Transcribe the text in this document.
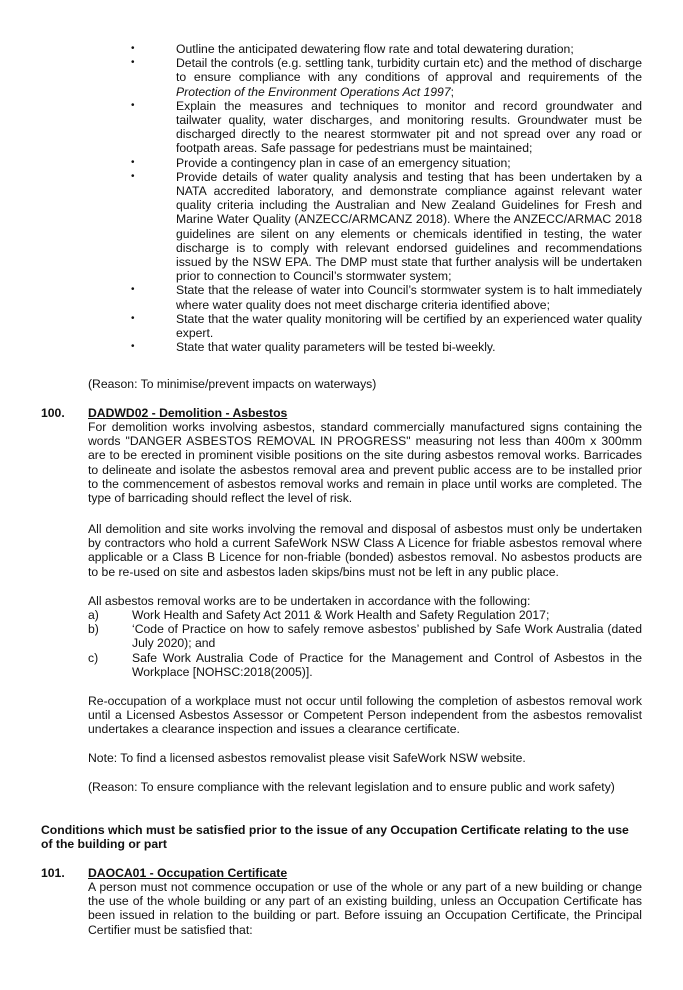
•	Outline the anticipated dewatering flow rate and total dewatering duration;
•	Detail the controls (e.g. settling tank, turbidity curtain etc) and the method of discharge to ensure compliance with any conditions of approval and requirements of the Protection of the Environment Operations Act 1997;
•	Explain the measures and techniques to monitor and record groundwater and tailwater quality, water discharges, and monitoring results. Groundwater must be discharged directly to the nearest stormwater pit and not spread over any road or footpath areas. Safe passage for pedestrians must be maintained;
•	Provide a contingency plan in case of an emergency situation;
•	Provide details of water quality analysis and testing that has been undertaken by a NATA accredited laboratory, and demonstrate compliance against relevant water quality criteria including the Australian and New Zealand Guidelines for Fresh and Marine Water Quality (ANZECC/ARMCANZ 2018). Where the ANZECC/ARMAC 2018 guidelines are silent on any elements or chemicals identified in testing, the water discharge is to comply with relevant endorsed guidelines and recommendations issued by the NSW EPA. The DMP must state that further analysis will be undertaken prior to connection to Council’s stormwater system;
•	State that the release of water into Council’s stormwater system is to halt immediately where water quality does not meet discharge criteria identified above;
•	State that the water quality monitoring will be certified by an experienced water quality expert.
•	State that water quality parameters will be tested bi-weekly.
(Reason: To minimise/prevent impacts on waterways)
100. DADWD02 - Demolition - Asbestos
For demolition works involving asbestos, standard commercially manufactured signs containing the words "DANGER ASBESTOS REMOVAL IN PROGRESS" measuring not less than 400m x 300mm are to be erected in prominent visible positions on the site during asbestos removal works. Barricades to delineate and isolate the asbestos removal area and prevent public access are to be installed prior to the commencement of asbestos removal works and remain in place until works are completed. The type of barricading should reflect the level of risk.
All demolition and site works involving the removal and disposal of asbestos must only be undertaken by contractors who hold a current SafeWork NSW Class A Licence for friable asbestos removal where applicable or a Class B Licence for non-friable (bonded) asbestos removal. No asbestos products are to be re-used on site and asbestos laden skips/bins must not be left in any public place.
All asbestos removal works are to be undertaken in accordance with the following:
a)	Work Health and Safety Act 2011 & Work Health and Safety Regulation 2017;
b)	‘Code of Practice on how to safely remove asbestos’ published by Safe Work Australia (dated July 2020); and
c)	Safe Work Australia Code of Practice for the Management and Control of Asbestos in the Workplace [NOHSC:2018(2005)].
Re-occupation of a workplace must not occur until following the completion of asbestos removal work until a Licensed Asbestos Assessor or Competent Person independent from the asbestos removalist undertakes a clearance inspection and issues a clearance certificate.
Note: To find a licensed asbestos removalist please visit SafeWork NSW website.
(Reason: To ensure compliance with the relevant legislation and to ensure public and work safety)
Conditions which must be satisfied prior to the issue of any Occupation Certificate relating to the use of the building or part
101. DAOCA01 - Occupation Certificate
A person must not commence occupation or use of the whole or any part of a new building or change the use of the whole building or any part of an existing building, unless an Occupation Certificate has been issued in relation to the building or part. Before issuing an Occupation Certificate, the Principal Certifier must be satisfied that:
